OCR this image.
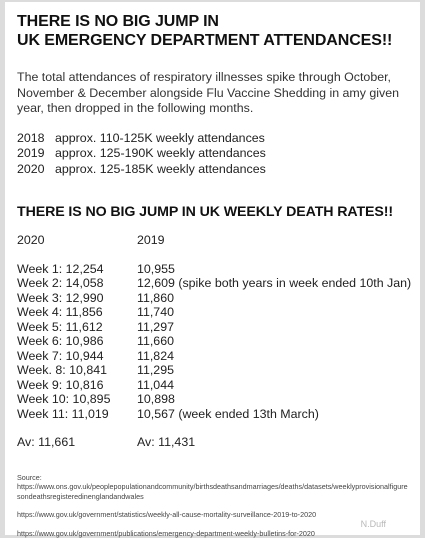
THERE IS NO BIG JUMP IN
UK EMERGENCY DEPARTMENT ATTENDANCES!!
The total attendances of respiratory illnesses spike through October, November & December alongside Flu Vaccine Shedding in amy given year, then dropped in the following months.
2018 approx. 110-125K weekly attendances
2019 approx. 125-190K weekly attendances
2020 approx. 125-185K weekly attendances
THERE IS NO BIG JUMP IN UK WEEKLY DEATH RATES!!
2020	2019
Week 1: 12,254	10,955
Week 2: 14,058	12,609 (spike both years in week ended 10th Jan)
Week 3: 12,990	11,860
Week 4: 11,856	11,740
Week 5: 11,612	11,297
Week 6: 10,986	11,660
Week 7: 10,944	11,824
Week. 8: 10,841 11,295
Week 9: 10,816	11,044
Week 10: 10,895 10,898
Week 11: 11,019 10,567 (week ended 13th March)
Av: 11,661	Av: 11,431
Source:
https://www.ons.gov.uk/peoplepopulationandcommunity/birthsdeathsandmarriages/deaths/datasets/weeklyprovisionalfiguresondeathsregisteredinenglandandwales
https://www.gov.uk/government/statistics/weekly-all-cause-mortality-surveillance-2019-to-2020
https://www.gov.uk/government/publications/emergency-department-weekly-bulletins-for-2020
N.Duff
